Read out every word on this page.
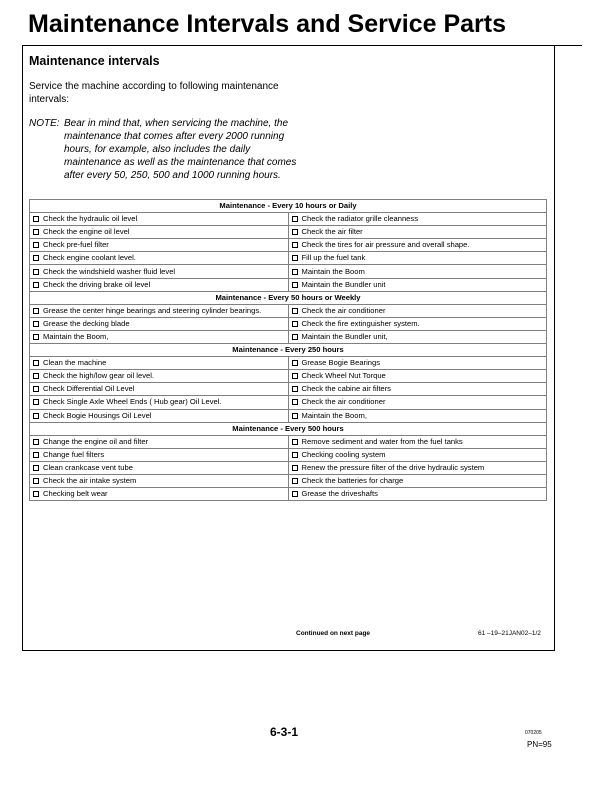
Maintenance Intervals and Service Parts
Maintenance intervals
Service the machine according to following maintenance intervals:
NOTE: Bear in mind that, when servicing the machine, the maintenance that comes after every 2000 running hours, for example, also includes the daily maintenance as well as the maintenance that comes after every 50, 250, 500 and 1000 running hours.
Maintenance - Every 10 hours or Daily	
Check the hydraulic oil level	Check the radiator grille cleanness
Check the engine oil level	Check the air filter
Check pre-fuel filter	Check the tires for air pressure and overall shape.
Check engine coolant level.	Fill up the fuel tank
Check the windshield washer fluid level	Maintain the Boom
Check the driving brake oil level	Maintain the Bundler unit
Maintenance - Every 50 hours or Weekly	
Grease the center hinge bearings and steering cylinder bearings.	Check the air conditioner
Grease the decking blade	Check the fire extinguisher system.
Maintain the Boom,	Maintain the Bundler unit,
Maintenance - Every 250 hours	
Clean the machine	Grease Bogie Bearings
Check the high/low gear oil level.	Check Wheel Nut Torque
Check Differential Oil Level	Check the cabine air filters
Check Single Axle Wheel Ends ( Hub gear) Oil Level.	Check the air conditioner
Check Bogie Housings Oil Level	Maintain the Boom,
Maintenance - Every 500 hours	
Change the engine oil and filter	Remove sediment and water from the fuel tanks
Change fuel filters	Checking cooling system
Clean crankcase vent tube	Renew the pressure filter of the drive hydraulic system
Check the air intake system	Check the batteries for charge
Checking belt wear	Grease the driveshafts
Continued on next page	61 –19–21JAN02–1/2
6-3-1	070205
PN=95
